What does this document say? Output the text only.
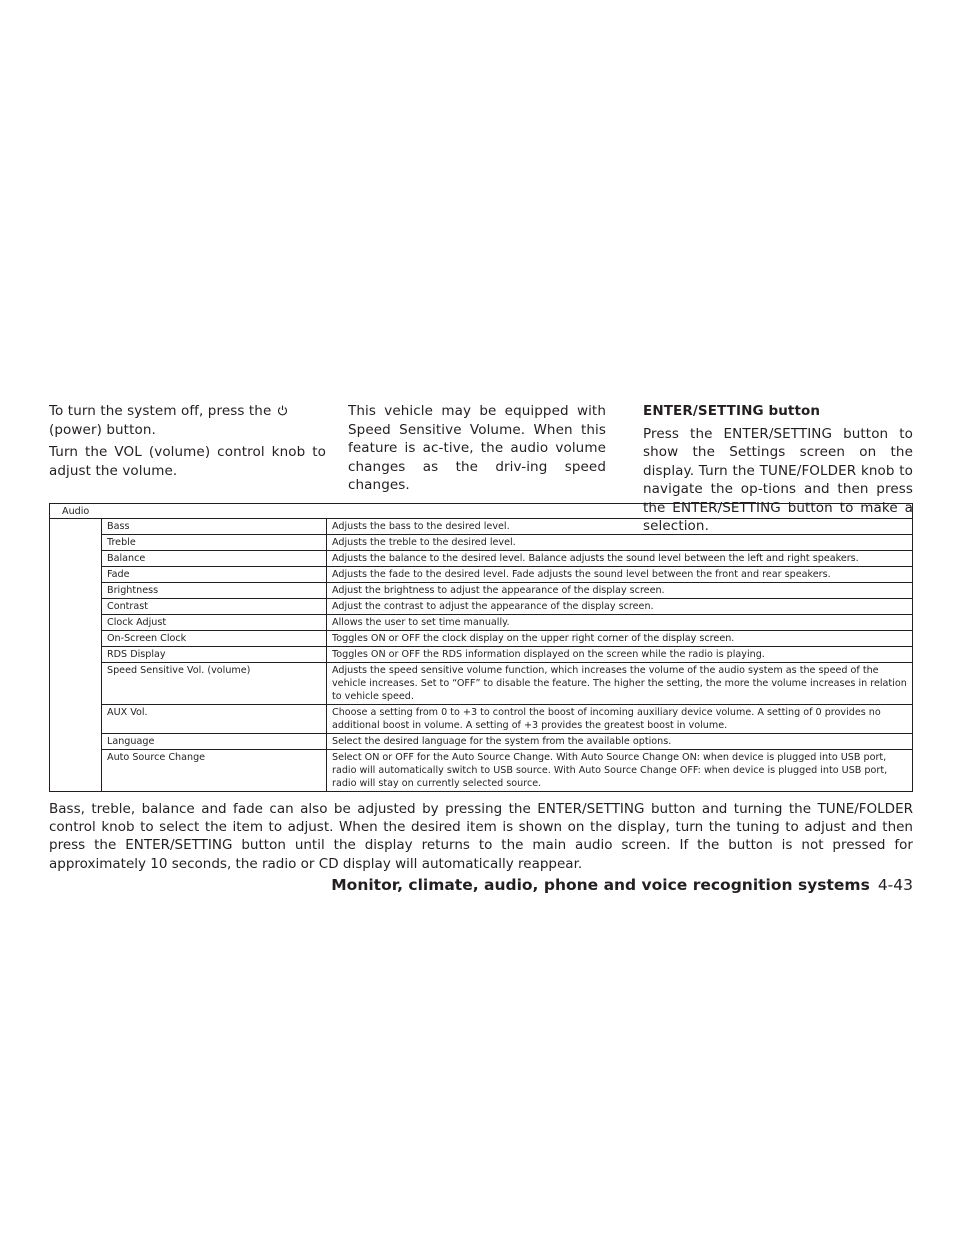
To turn the system off, press the
(power) button.

Turn the VOL (volume) control knob to adjust the volume.

This vehicle may be equipped with Speed Sensitive Volume. When this feature is ac-tive, the audio volume changes as the driv-ing speed changes.

ENTER/SETTING button

Press the ENTER/SETTING button to show the Settings screen on the display. Turn the TUNE/FOLDER knob to navigate the op-tions and then press the ENTER/SETTING button to make a selection.

Audio
Bass	Adjusts the bass to the desired level.
Treble	Adjusts the treble to the desired level.
Balance	Adjusts the balance to the desired level. Balance adjusts the sound level between the left and right speakers.
Fade	Adjusts the fade to the desired level. Fade adjusts the sound level between the front and rear speakers.
Brightness	Adjust the brightness to adjust the appearance of the display screen.
Contrast	Adjust the contrast to adjust the appearance of the display screen.
Clock Adjust	Allows the user to set time manually.
On-Screen Clock	Toggles ON or OFF the clock display on the upper right corner of the display screen.
RDS Display	Toggles ON or OFF the RDS information displayed on the screen while the radio is playing.
Speed Sensitive Vol. (volume)	Adjusts the speed sensitive volume function, which increases the volume of the audio system as the speed of the vehicle increases. Set to “OFF” to disable the feature. The higher the setting, the more the volume increases in relation to vehicle speed.
AUX Vol.	Choose a setting from 0 to +3 to control the boost of incoming auxiliary device volume. A setting of 0 provides no additional boost in volume. A setting of +3 provides the greatest boost in volume.
Language	Select the desired language for the system from the available options.
Auto Source Change	Select ON or OFF for the Auto Source Change. With Auto Source Change ON: when device is plugged into USB port, radio will automatically switch to USB source. With Auto Source Change OFF: when device is plugged into USB port, radio will stay on currently selected source.

Bass, treble, balance and fade can also be adjusted by pressing the ENTER/SETTING button and turning the TUNE/FOLDER control knob to select the item to adjust. When the desired item is shown on the display, turn the tuning to adjust and then press the ENTER/SETTING button until the display returns to the main audio screen. If the button is not pressed for approximately 10 seconds, the radio or CD display will automatically reappear.

Monitor, climate, audio, phone and voice recognition systems 4-43
